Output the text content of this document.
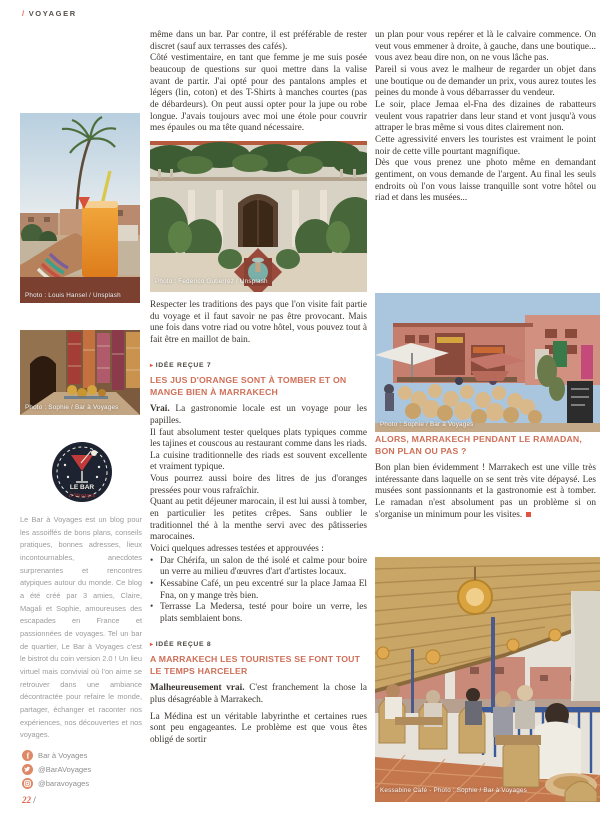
/ VOYAGER
Photo : Louis Hansel / Unsplash
Photo : Sophie / Bar à Voyages
LE BAR
à Voyages
Le Bar à Voyages est un blog pour les assoiffés de bons plans, conseils pratiques, bonnes adresses, lieux incontournables, anecdotes surprenantes et rencontres atypiques autour du monde. Ce blog a été créé par 3 amies, Claire, Magali et Sophie, amoureuses des escapades en France et passionnées de voyages. Tel un bar de quartier, Le Bar à Voyages c'est le bistrot du coin version 2.0 ! Un lieu virtuel mais convivial où l'on aime se retrouver dans une ambiance décontractée pour refaire le monde, partager, échanger et raconter nos expériences, nos découvertes et nos voyages.
f Bar à Voyages
@BarAVoyages
@baravoyages
22 /

même dans un bar. Par contre, il est préférable de rester discret (sauf aux terrasses des cafés).

Côté vestimentaire, en tant que femme je me suis posée beaucoup de questions sur quoi mettre dans la valise avant de partir. J'ai opté pour des pantalons amples et légers (lin, coton) et des T-Shirts à manches courtes (pas de débardeurs). On peut aussi opter pour la jupe ou robe longue. J'avais toujours avec moi une étole pour couvrir mes épaules ou ma tête quand nécessaire.

Photo : Federico Gutierrez / Unsplash

Respecter les traditions des pays que l'on visite fait partie du voyage et il faut savoir ne pas être provocant. Mais une fois dans votre riad ou votre hôtel, vous pouvez tout à fait être en maillot de bain.

▸ IDÉE REÇUE 7
LES JUS D'ORANGE SONT À TOMBER ET ON MANGE BIEN À MARRAKECH

Vrai. La gastronomie locale est un voyage pour les papilles.

Il faut absolument tester quelques plats typiques comme les tajines et couscous au restaurant comme dans les riads. La cuisine traditionnelle des riads est souvent excellente et vraiment typique.

Vous pourrez aussi boire des litres de jus d'oranges pressées pour vous rafraîchir.

Quant au petit déjeuner marocain, il est lui aussi à tomber, en particulier les petites crêpes. Sans oublier le traditionnel thé à la menthe servi avec des pâtisseries marocaines.

Voici quelques adresses testées et approuvées :

• Dar Chérifa, un salon de thé isolé et calme pour boire un verre au milieu d'œuvres d'art d'artistes locaux.
• Kessabine Café, un peu excentré sur la place Jamaa El Fna, on y mange très bien.
• Terrasse La Medersa, testé pour boire un verre, les plats semblaient bons.
▸ IDÉE REÇUE 8
A MARRAKECH LES TOURISTES SE FONT TOUT LE TEMPS HARCELER

Malheureusement vrai. C'est franchement la chose la plus désagréable à Marrakech.

La Médina est un véritable labyrinthe et certaines rues sont peu engageantes. Le problème est que vous êtes obligé de sortir

un plan pour vous repérer et là le calvaire commence. On veut vous emmener à droite, à gauche, dans une boutique... vous avez beau dire non, on ne vous lâche pas.

Pareil si vous avez le malheur de regarder un objet dans une boutique ou de demander un prix, vous aurez toutes les peines du monde à vous débarrasser du vendeur.

Le soir, place Jemaa el-Fna des dizaines de rabatteurs veulent vous rapatrier dans leur stand et vont jusqu'à vous attraper le bras même si vous dites clairement non.

Cette agressivité envers les touristes est vraiment le point noir de cette ville pourtant magnifique.

Dès que vous prenez une photo même en demandant gentiment, on vous demande de l'argent. Au final les seuls endroits où l'on vous laisse tranquille sont votre hôtel ou riad et dans les musées...

Photo : Sophie / Bar à Voyages
ALORS, MARRAKECH PENDANT LE RAMADAN, BON PLAN OU PAS ?

Bon plan bien évidemment ! Marrakech est une ville très intéressante dans laquelle on se sent très vite dépaysé. Les musées sont passionnants et la gastronomie est à tomber. Le ramadan n'est absolument pas un problème si on s'organise un minimum pour les visites.

Kessabine Café - Photo : Sophie / Bar à Voyages
